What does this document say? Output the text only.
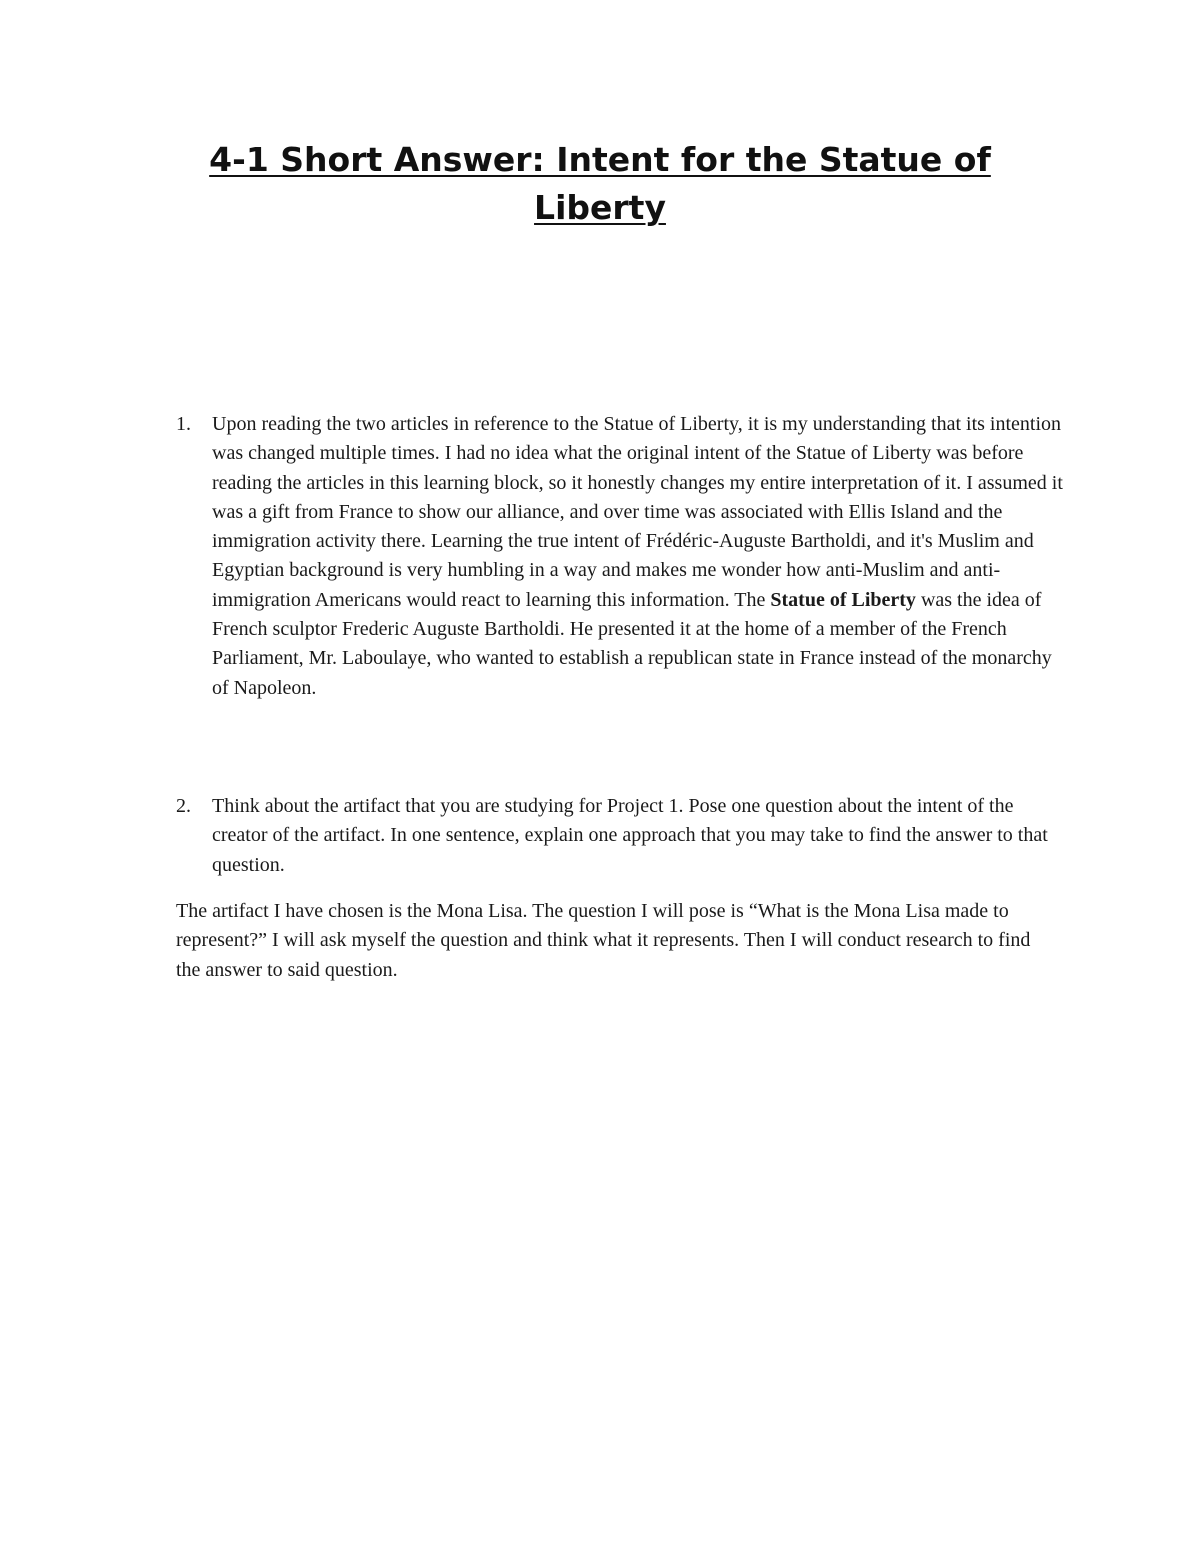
4-1 Short Answer: Intent for the Statue of Liberty
1.	Upon reading the two articles in reference to the Statue of Liberty, it is my understanding that its intention was changed multiple times. I had no idea what the original intent of the Statue of Liberty was before reading the articles in this learning block, so it honestly changes my entire interpretation of it. I assumed it was a gift from France to show our alliance, and over time was associated with Ellis Island and the immigration activity there. Learning the true intent of Frédéric-Auguste Bartholdi, and it's Muslim and Egyptian background is very humbling in a way and makes me wonder how anti-Muslim and anti-immigration Americans would react to learning this information. The Statue of Liberty was the idea of French sculptor Frederic Auguste Bartholdi. He presented it at the home of a member of the French Parliament, Mr. Laboulaye, who wanted to establish a republican state in France instead of the monarchy of Napoleon.
2.	Think about the artifact that you are studying for Project 1. Pose one question about the intent of the creator of the artifact. In one sentence, explain one approach that you may take to find the answer to that question.

The artifact I have chosen is the Mona Lisa. The question I will pose is “What is the Mona Lisa made to represent?” I will ask myself the question and think what it represents. Then I will conduct research to find the answer to said question.
